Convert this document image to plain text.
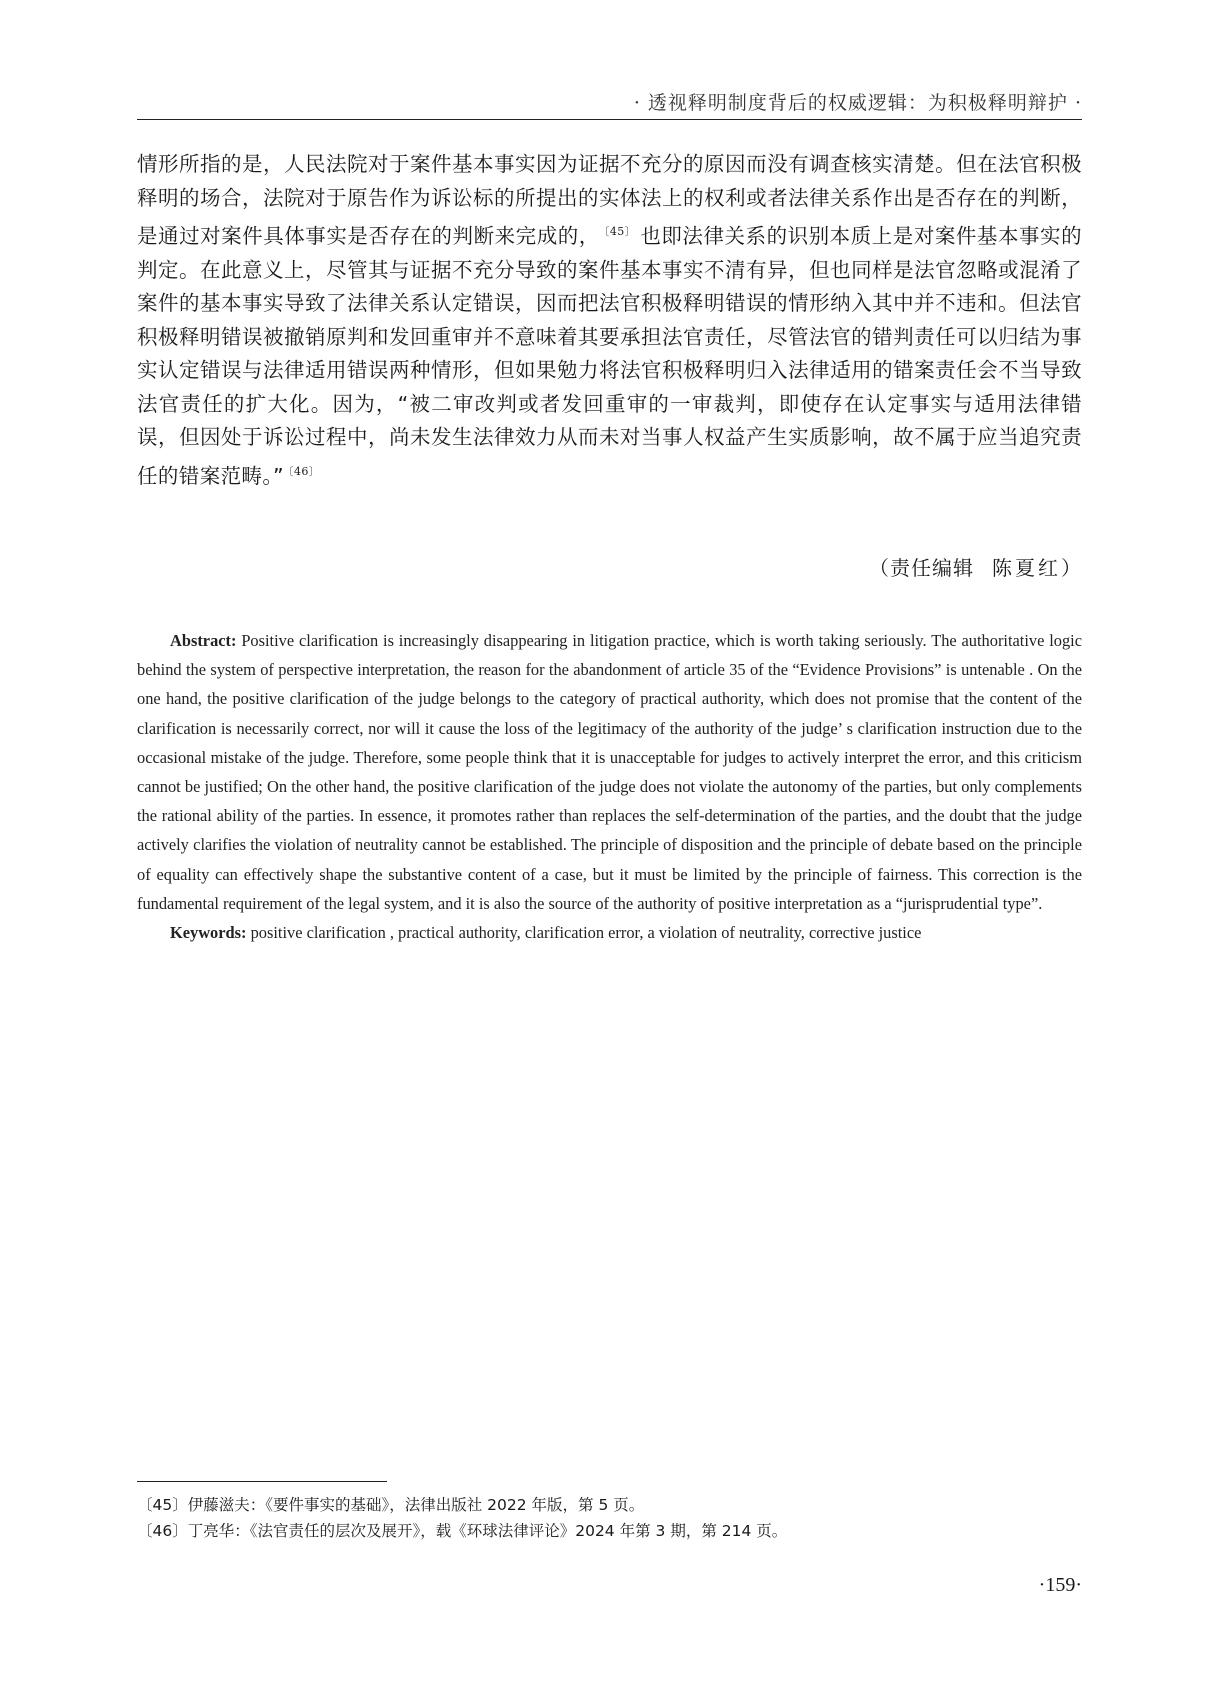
· 透视释明制度背后的权威逻辑：为积极释明辩护 ·

情形所指的是，人民法院对于案件基本事实因为证据不充分的原因而没有调查核实清楚。但在法官积极释明的场合，法院对于原告作为诉讼标的所提出的实体法上的权利或者法律关系作出是否存在的判断，是通过对案件具体事实是否存在的判断来完成的， $^{〔45〕}$ 也即法律关系的识别本质上是对案件基本事实的判定。在此意义上，尽管其与证据不充分导致的案件基本事实不清有异，但也同样是法官忽略或混淆了案件的基本事实导致了法律关系认定错误，因而把法官积极释明错误的情形纳入其中并不违和。但法官积极释明错误被撤销原判和发回重审并不意味着其要承担法官责任，尽管法官的错判责任可以归结为事实认定错误与法律适用错误两种情形，但如果勉力将法官积极释明归入法律适用的错案责任会不当导致法官责任的扩大化。因为，“被二审改判或者发回重审的一审裁判，即使存在认定事实与适用法律错误，但因处于诉讼过程中，尚未发生法律效力从而未对当事人权益产生实质影响，故不属于应当追究责任的错案范畴。” $^{〔46〕}$

（责任编辑 陈夏红）

Abstract: Positive clarification is increasingly disappearing in litigation practice, which is worth taking seriously. The authoritative logic behind the system of perspective interpretation, the reason for the abandonment of article 35 of the “Evidence Provisions” is untenable . On the one hand, the positive clarification of the judge belongs to the category of practical authority, which does not promise that the content of the clarification is necessarily correct, nor will it cause the loss of the legitimacy of the authority of the judge’ s clarification instruction due to the occasional mistake of the judge. Therefore, some people think that it is unacceptable for judges to actively interpret the error, and this criticism cannot be justified; On the other hand, the positive clarification of the judge does not violate the autonomy of the parties, but only complements the rational ability of the parties. In essence, it promotes rather than replaces the self-determination of the parties, and the doubt that the judge actively clarifies the violation of neutrality cannot be established. The principle of disposition and the principle of debate based on the principle of equality can effectively shape the substantive content of a case, but it must be limited by the principle of fairness. This correction is the fundamental requirement of the legal system, and it is also the source of the authority of positive interpretation as a “jurisprudential type”.

Keywords: positive clarification , practical authority, clarification error, a violation of neutrality, corrective justice

〔45〕伊藤滋夫：《要件事实的基础》，法律出版社 2022 年版，第 5 页。
〔46〕丁亮华：《法官责任的层次及展开》，载《环球法律评论》2024 年第 3 期，第 214 页。
·159·
